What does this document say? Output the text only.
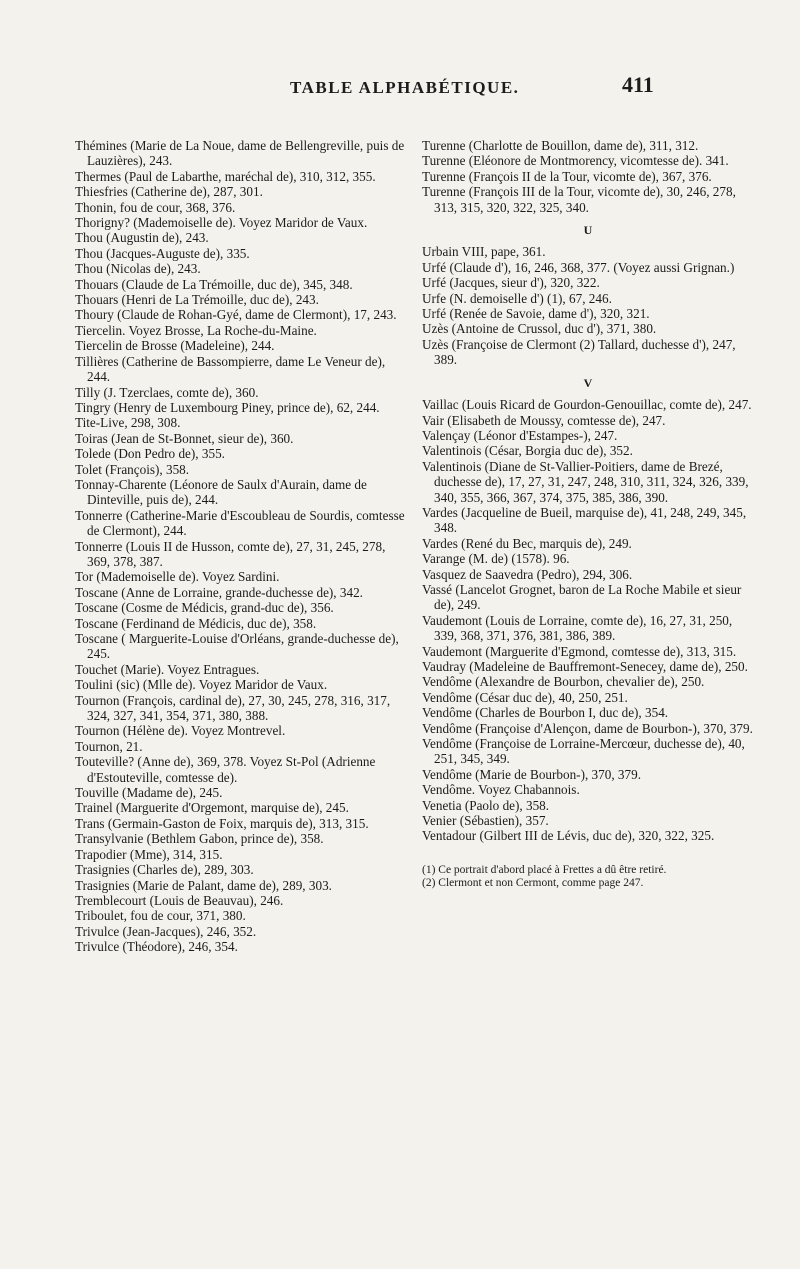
TABLE ALPHABÉTIQUE.	411

Thémines (Marie de La Noue, dame de Bellengreville, puis de Lauzières), 243.

Thermes (Paul de Labarthe, maréchal de), 310, 312, 355.

Thiesfries (Catherine de), 287, 301.

Thonin, fou de cour, 368, 376.

Thorigny? (Mademoiselle de). Voyez Maridor de Vaux.

Thou (Augustin de), 243.

Thou (Jacques-Auguste de), 335.

Thou (Nicolas de), 243.

Thouars (Claude de La Trémoille, duc de), 345, 348.

Thouars (Henri de La Trémoille, duc de), 243.

Thoury (Claude de Rohan-Gyé, dame de Clermont), 17, 243.

Tiercelin. Voyez Brosse, La Roche-du-Maine.

Tiercelin de Brosse (Madeleine), 244.

Tillières (Catherine de Bassompierre, dame Le Veneur de), 244.

Tilly (J. Tzerclaes, comte de), 360.

Tingry (Henry de Luxembourg Piney, prince de), 62, 244.

Tite-Live, 298, 308.

Toiras (Jean de St-Bonnet, sieur de), 360.

Tolede (Don Pedro de), 355.

Tolet (François), 358.

Tonnay-Charente (Léonore de Saulx d'Aurain, dame de Dinteville, puis de), 244.

Tonnerre (Catherine-Marie d'Escoubleau de Sourdis, comtesse de Clermont), 244.

Tonnerre (Louis II de Husson, comte de), 27, 31, 245, 278, 369, 378, 387.

Tor (Mademoiselle de). Voyez Sardini.

Toscane (Anne de Lorraine, grande-duchesse de), 342.

Toscane (Cosme de Médicis, grand-duc de), 356.

Toscane (Ferdinand de Médicis, duc de), 358.

Toscane ( Marguerite-Louise d'Orléans, grande-duchesse de), 245.

Touchet (Marie). Voyez Entragues.

Toulini (sic) (Mlle de). Voyez Maridor de Vaux.

Tournon (François, cardinal de), 27, 30, 245, 278, 316, 317, 324, 327, 341, 354, 371, 380, 388.

Tournon (Hélène de). Voyez Montrevel.

Tournon, 21.

Touteville? (Anne de), 369, 378. Voyez St-Pol (Adrienne d'Estouteville, comtesse de).

Touville (Madame de), 245.

Trainel (Marguerite d'Orgemont, marquise de), 245.

Trans (Germain-Gaston de Foix, marquis de), 313, 315.

Transylvanie (Bethlem Gabon, prince de), 358.

Trapodier (Mme), 314, 315.

Trasignies (Charles de), 289, 303.

Trasignies (Marie de Palant, dame de), 289, 303.

Tremblecourt (Louis de Beauvau), 246.

Triboulet, fou de cour, 371, 380.

Trivulce (Jean-Jacques), 246, 352.

Trivulce (Théodore), 246, 354.

Turenne (Charlotte de Bouillon, dame de), 311, 312.

Turenne (Eléonore de Montmorency, vicomtesse de). 341.

Turenne (François II de la Tour, vicomte de), 367, 376.

Turenne (François III de la Tour, vicomte de), 30, 246, 278, 313, 315, 320, 322, 325, 340.

U

Urbain VIII, pape, 361.

Urfé (Claude d'), 16, 246, 368, 377. (Voyez aussi Grignan.)

Urfé (Jacques, sieur d'), 320, 322.

Urfe (N. demoiselle d') (1), 67, 246.

Urfé (Renée de Savoie, dame d'), 320, 321.

Uzès (Antoine de Crussol, duc d'), 371, 380.

Uzès (Françoise de Clermont (2) Tallard, duchesse d'), 247, 389.

V

Vaillac (Louis Ricard de Gourdon-Genouillac, comte de), 247.

Vair (Elisabeth de Moussy, comtesse de), 247.

Valençay (Léonor d'Estampes-), 247.

Valentinois (César, Borgia duc de), 352.

Valentinois (Diane de St-Vallier-Poitiers, dame de Brezé, duchesse de), 17, 27, 31, 247, 248, 310, 311, 324, 326, 339, 340, 355, 366, 367, 374, 375, 385, 386, 390.

Vardes (Jacqueline de Bueil, marquise de), 41, 248, 249, 345, 348.

Vardes (René du Bec, marquis de), 249.

Varange (M. de) (1578). 96.

Vasquez de Saavedra (Pedro), 294, 306.

Vassé (Lancelot Grognet, baron de La Roche Mabile et sieur de), 249.

Vaudemont (Louis de Lorraine, comte de), 16, 27, 31, 250, 339, 368, 371, 376, 381, 386, 389.

Vaudemont (Marguerite d'Egmond, comtesse de), 313, 315.

Vaudray (Madeleine de Bauffremont-Senecey, dame de), 250.

Vendôme (Alexandre de Bourbon, chevalier de), 250.

Vendôme (César duc de), 40, 250, 251.

Vendôme (Charles de Bourbon I, duc de), 354.

Vendôme (Françoise d'Alençon, dame de Bourbon-), 370, 379.

Vendôme (Françoise de Lorraine-Mercœur, duchesse de), 40, 251, 345, 349.

Vendôme (Marie de Bourbon-), 370, 379.

Vendôme. Voyez Chabannois.

Venetia (Paolo de), 358.

Venier (Sébastien), 357.

Ventadour (Gilbert III de Lévis, duc de), 320, 322, 325.

(1) Ce portrait d'abord placé à Frettes a dû être retiré.

(2) Clermont et non Cermont, comme page 247.
